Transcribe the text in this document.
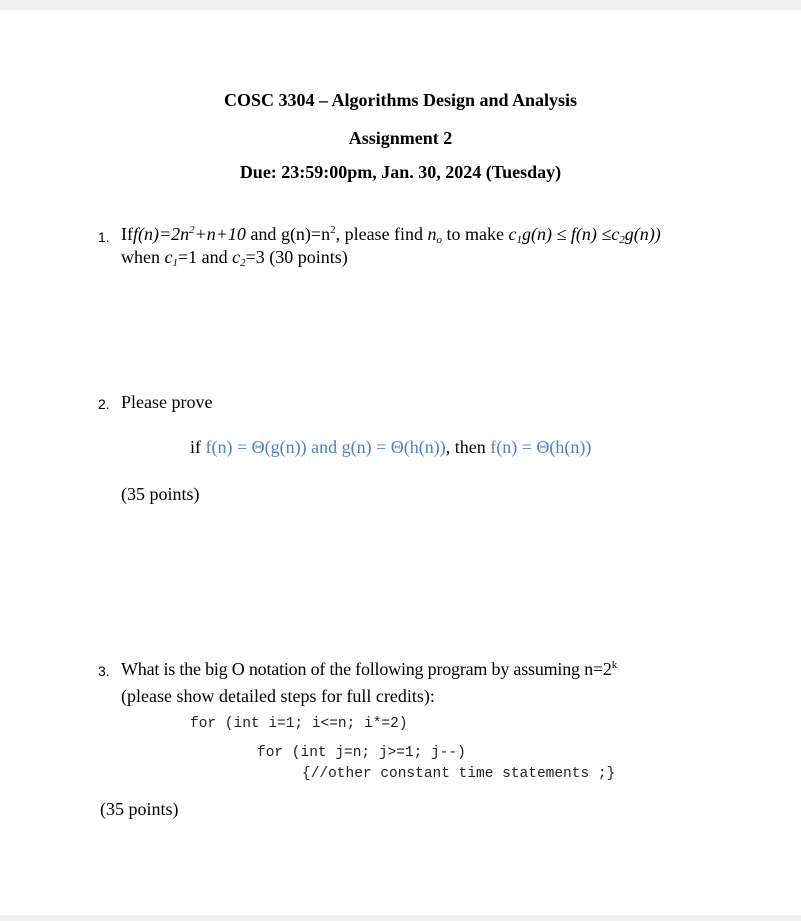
COSC 3304 – Algorithms Design and Analysis
Assignment 2
Due: 23:59:00pm, Jan. 30, 2024 (Tuesday)
1. $Iff(n)=2n^2+n+10$ and $g(n)=n^2$, please find $n_o$ to make $c_1g(n) \le f(n) \le c_2g(n)$)
when $c_1=1$ and $c_2=3$ (30 points)
2. Please prove
if f(n) = Θ(g(n)) and g(n) = Θ(h(n)), then f(n) = Θ(h(n))
(35 points)
3. What is the big O notation of the following program by assuming $n=2^k$
(please show detailed steps for full credits):
for (int i=1; i<=n; i*=2)
for (int j=n; j>=1; j--)
{//other constant time statements ;}
(35 points)
